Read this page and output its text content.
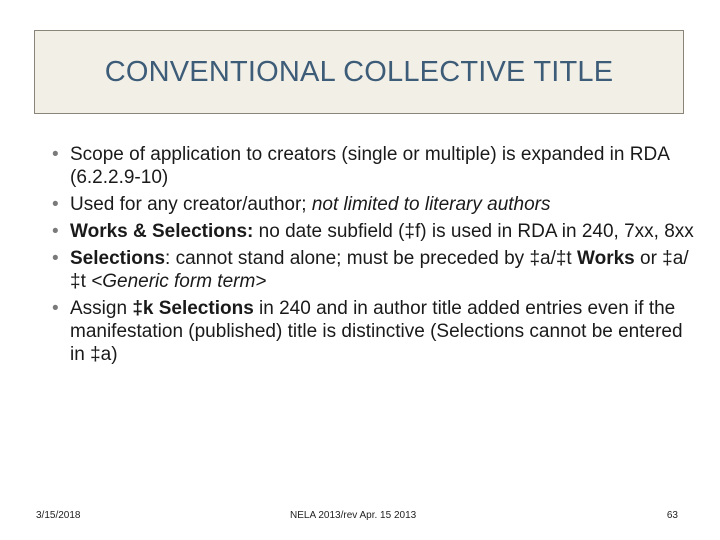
CONVENTIONAL COLLECTIVE TITLE
• Scope of application to creators (single or multiple) is expanded in RDA (6.2.2.9-10)
• Used for any creator/author; not limited to literary authors
• Works & Selections: no date subfield (‡f) is used in RDA in 240, 7xx, 8xx
• Selections: cannot stand alone; must be preceded by ‡a/‡t Works or ‡a/‡t <Generic form term>
• Assign ‡k Selections in 240 and in author title added entries even if the manifestation (published) title is distinctive (Selections cannot be entered in ‡a)
3/15/2018	NELA 2013/rev Apr. 15 2013	63
